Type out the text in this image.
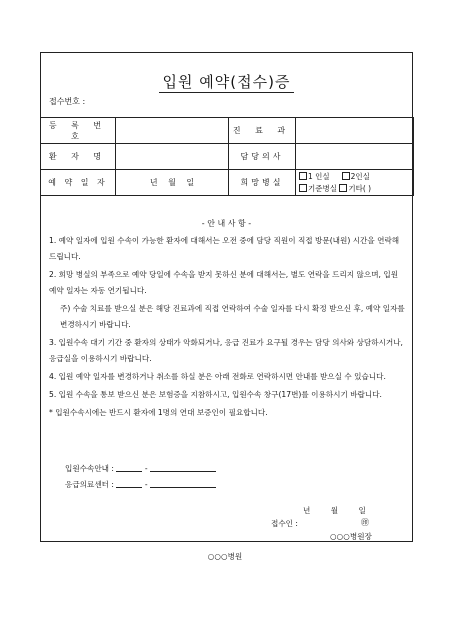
입원 예약(접수)증
접수번호 :
등 록 번 호		진 료 과	
환 자 명		담당의사	
예 약 일 자	년 월 일	희망병실	1 인실 2인실
기준병실 기타( )
- 안 내 사 항 -

1. 예약 일자에 입원 수속이 가능한 환자에 대해서는 오전 중에 담당 직원이 직접 방문(내원) 시간을 연락해 드립니다.

2. 희망 병실의 부족으로 예약 당일에 수속을 받지 못하신 분에 대해서는, 별도 연락을 드리지 않으며, 입원 예약 일자는 자동 연기됩니다.

주) 수술 치료를 받으실 분은 해당 진료과에 직접 연락하여 수술 일자를 다시 확정 받으신 후, 예약 일자를 변경하시기 바랍니다.

3. 입원수속 대기 기간 중 환자의 상태가 악화되거나, 응급 진료가 요구될 경우는 담당 의사와 상담하시거나, 응급실을 이용하시기 바랍니다.

4. 입원 예약 일자를 변경하거나 취소를 하실 분은 아래 전화로 연락하시면 안내를 받으실 수 있습니다.

5. 입원 수속을 통보 받으신 분은 보험증을 지참하시고, 입원수속 창구(17번)를 이용하시기 바랍니다.

* 입원수속시에는 반드시 환자에 1명의 연대 보증인이 필요합니다.

입원수속안내 :	-
응급의료센터 :	-
년 월 일
접수인 :	㊞
○○○병원장
○○○병원
